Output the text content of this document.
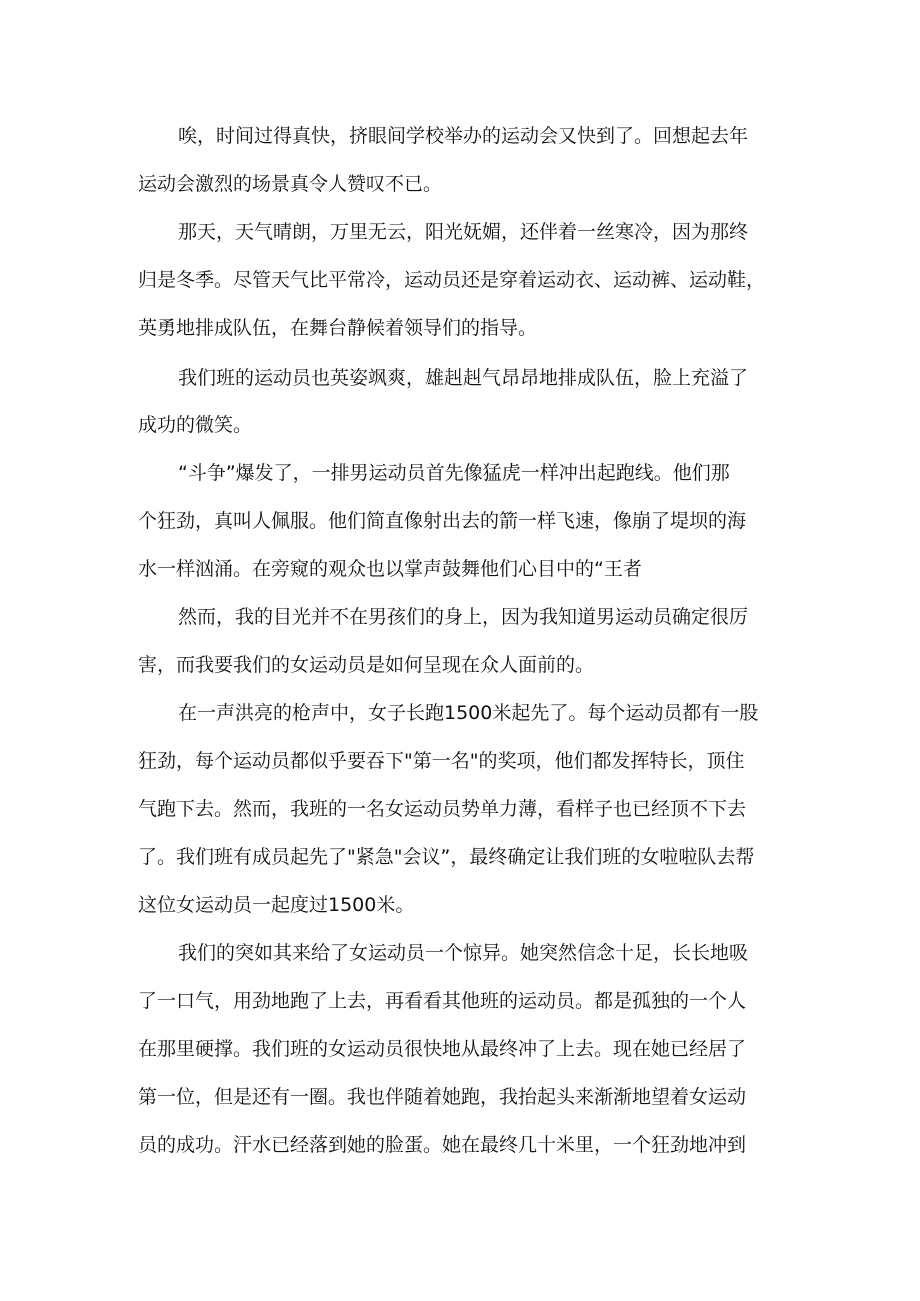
唉，时间过得真快，挤眼间学校举办的运动会又快到了。回想起去年

运动会激烈的场景真令人赞叹不已。

那天，天气晴朗，万里无云，阳光妩媚，还伴着一丝寒冷，因为那终

归是冬季。尽管天气比平常冷，运动员还是穿着运动衣、运动裤、运动鞋，

英勇地排成队伍，在舞台静候着领导们的指导。

我们班的运动员也英姿飒爽，雄赳赳气昂昂地排成队伍，脸上充溢了

成功的微笑。

“斗争”爆发了，一排男运动员首先像猛虎一样冲出起跑线。他们那

个狂劲，真叫人佩服。他们简直像射出去的箭一样飞速，像崩了堤坝的海

水一样汹涌。在旁窥的观众也以掌声鼓舞他们心目中的“王者

然而，我的目光并不在男孩们的身上，因为我知道男运动员确定很厉

害，而我要我们的女运动员是如何呈现在众人面前的。

在一声洪亮的枪声中，女子长跑1500米起先了。每个运动员都有一股

狂劲，每个运动员都似乎要吞下"第一名"的奖项，他们都发挥特长，顶住

气跑下去。然而，我班的一名女运动员势单力薄，看样子也已经顶不下去

了。我们班有成员起先了"紧急"会议”，最终确定让我们班的女啦啦队去帮

这位女运动员一起度过1500米。

我们的突如其来给了女运动员一个惊异。她突然信念十足，长长地吸

了一口气，用劲地跑了上去，再看看其他班的运动员。都是孤独的一个人

在那里硬撑。我们班的女运动员很快地从最终冲了上去。现在她已经居了

第一位，但是还有一圈。我也伴随着她跑，我抬起头来渐渐地望着女运动

员的成功。汗水已经落到她的脸蛋。她在最终几十米里，一个狂劲地冲到
